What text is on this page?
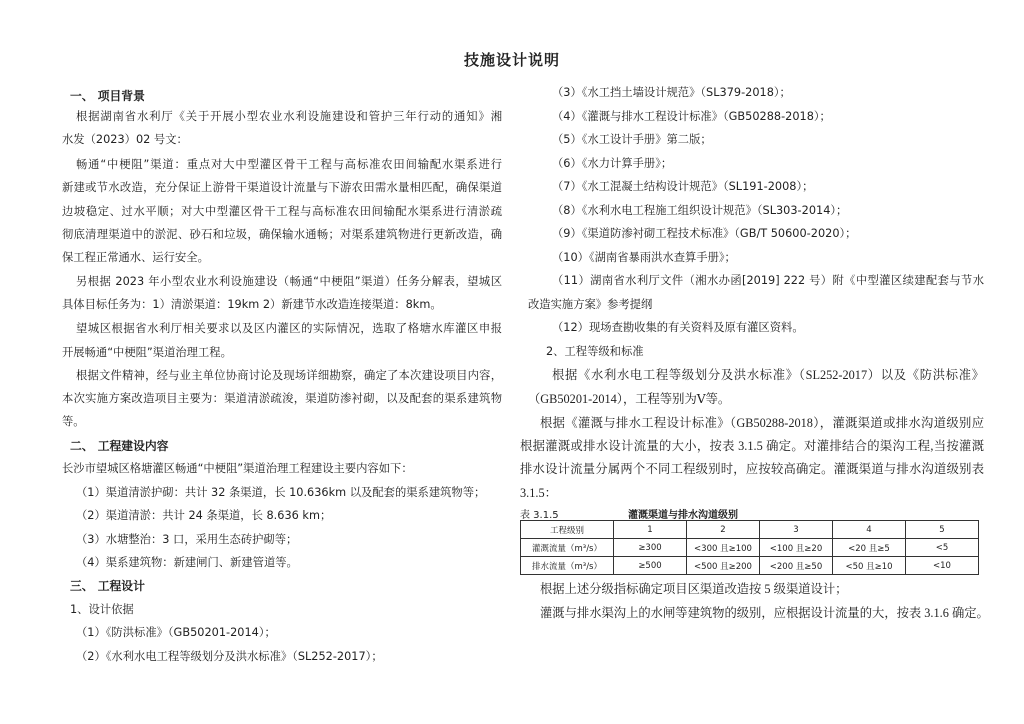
技施设计说明
一、 项目背景
根据湖南省水利厅《关于开展小型农业水利设施建设和管护三年行动的通知》湘
水发（2023）02 号文：
畅通“中梗阻”渠道：重点对大中型灌区骨干工程与高标准农田间输配水渠系进行
新建或节水改造，充分保证上游骨干渠道设计流量与下游农田需水量相匹配，确保渠道
边坡稳定、过水平顺；对大中型灌区骨干工程与高标准农田间输配水渠系进行清淤疏
彻底清理渠道中的淤泥、砂石和垃圾，确保输水通畅；对渠系建筑物进行更新改造，确
保工程正常通水、运行安全。
另根据 2023 年小型农业水利设施建设（畅通“中梗阻”渠道）任务分解表，望城区
具体目标任务为：1）清淤渠道：19km 2）新建节水改造连接渠道：8km。
望城区根据省水利厅相关要求以及区内灌区的实际情况，选取了格塘水库灌区申报
开展畅通“中梗阻”渠道治理工程。
根据文件精神，经与业主单位协商讨论及现场详细勘察，确定了本次建设项目内容，
本次实施方案改造项目主要为：渠道清淤疏浚，渠道防渗衬砌，以及配套的渠系建筑物
等。
二、 工程建设内容
长沙市望城区格塘灌区畅通“中梗阻”渠道治理工程建设主要内容如下：
（1）渠道清淤护砌：共计 32 条渠道，长 10.636km 以及配套的渠系建筑物等；
（2）渠道清淤：共计 24 条渠道，长 8.636 km；
（3）水塘整治：3 口，采用生态砖护砌等；
（4）渠系建筑物：新建闸门、新建管道等。
三、 工程设计
1、设计依据
（1）《防洪标准》（GB50201-2014）；
（2）《水利水电工程等级划分及洪水标准》（SL252-2017）；
（3）《水工挡土墙设计规范》（SL379-2018）；
（4）《灌溉与排水工程设计标准》（GB50288-2018）；
（5）《水工设计手册》第二版；
（6）《水力计算手册》；
（7）《水工混凝土结构设计规范》（SL191-2008）；
（8）《水利水电工程施工组织设计规范》（SL303-2014）；
（9）《渠道防渗衬砌工程技术标准》（GB/T 50600-2020）；
（10）《湖南省暴雨洪水查算手册》；
（11）湖南省水利厅文件（湘水办函[2019] 222 号）附《中型灌区续建配套与节水
改造实施方案》参考提纲
（12）现场查勘收集的有关资料及原有灌区资料。
2、工程等级和标准
根据《水利水电工程等级划分及洪水标准》（SL252-2017）以及《防洪标准》
（GB50201-2014），工程等别为Ⅴ等。
根据《灌溉与排水工程设计标准》（GB50288-2018），灌溉渠道或排水沟道级别应
根据灌溉或排水设计流量的大小，按表 3.1.5 确定。对灌排结合的渠沟工程,当按灌溉
排水设计流量分属两个不同工程级别时，应按较高确定。灌溉渠道与排水沟道级别表
3.1.5：
表 3.1.5	灌溉渠道与排水沟道级别
工程级别	1	2	3	4	5
灌溉流量（m³/s）	≥300	<300 且≥100	<100 且≥20	<20 且≥5	<5
排水流量（m³/s）	≥500	<500 且≥200	<200 且≥50	<50 且≥10	<10
根据上述分级指标确定项目区渠道改造按 5 级渠道设计；
灌溉与排水渠沟上的水闸等建筑物的级别，应根据设计流量的大，按表 3.1.6 确定。
